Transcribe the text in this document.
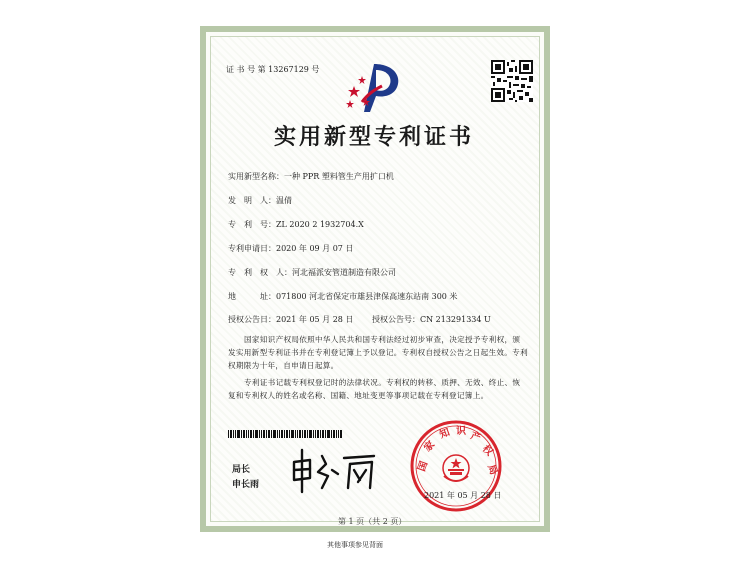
证 书 号 第 13267129 号
实用新型专利证书
实用新型名称：一种 PPR 塑料管生产用扩口机
发　明　人：温倩
专　利　号：ZL 2020 2 1932704.X
专利申请日：2020 年 09 月 07 日
专　利　权　人：河北福派安管道制造有限公司
地　　　址：071800 河北省保定市雄县津保高速东站南 300 米
授权公告日：2021 年 05 月 28 日 授权公告号：CN 213291334 U
国家知识产权局依照中华人民共和国专利法经过初步审查，决定授予专利权，颁发实用新型专利证书并在专利登记簿上予以登记。专利权自授权公告之日起生效。专利权期限为十年，自申请日起算。
专利证书记载专利权登记时的法律状况。专利权的转移、质押、无效、终止、恢复和专利权人的姓名或名称、国籍、地址变更等事项记载在专利登记簿上。
局长
申长雨
国
家
知 识 产
权
局
2021 年 05 月 28 日
第 1 页（共 2 页）
其他事项参见背面
